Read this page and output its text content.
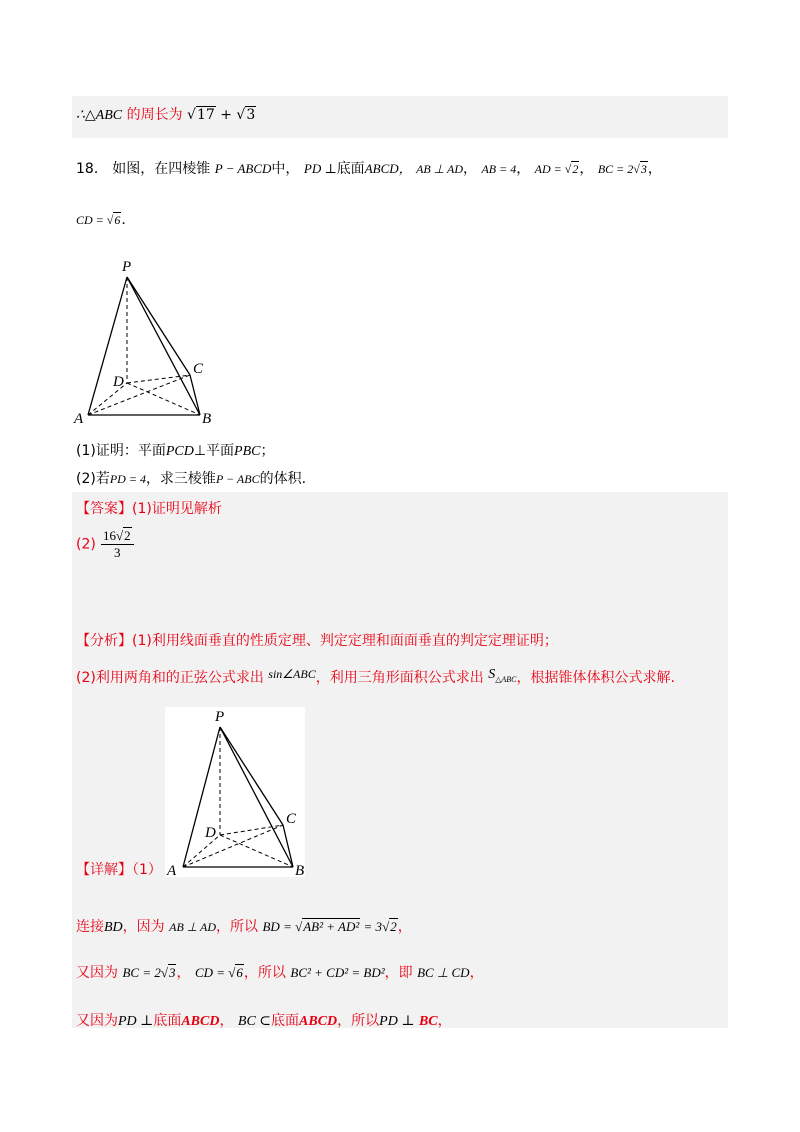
∴△ABC 的周长为 √17 + √3
18． 如图，在四棱锥 P − ABCD中， PD ⊥底面ABCD， AB ⊥ AD， AB = 4， AD = √2， BC = 2√3，
CD = √6.
P
A	B
C
D
(1)证明：平面PCD⊥平面PBC；
(2)若PD = 4，求三棱锥P − ABC的体积.
【答案】(1)证明见解析
$(2) \frac{16√2}{3}$
【分析】(1)利用线面垂直的性质定理、判定定理和面面垂直的判定定理证明；
(2)利用两角和的正弦公式求出 sin∠ABC，利用三角形面积公式求出 $S_{\triangle ABC}$，根据锥体体积公式求解.
P
A	B
C
D
【详解】（1）
连接BD，因为 AB ⊥ AD，所以 BD = √AB² + AD² = 3√2，
又因为 BC = 2√3， CD = √6，所以 BC² + CD² = BD²，即 BC ⊥ CD，
又因为PD ⊥底面ABCD， BC ⊂底面ABCD，所以PD ⊥ BC，
